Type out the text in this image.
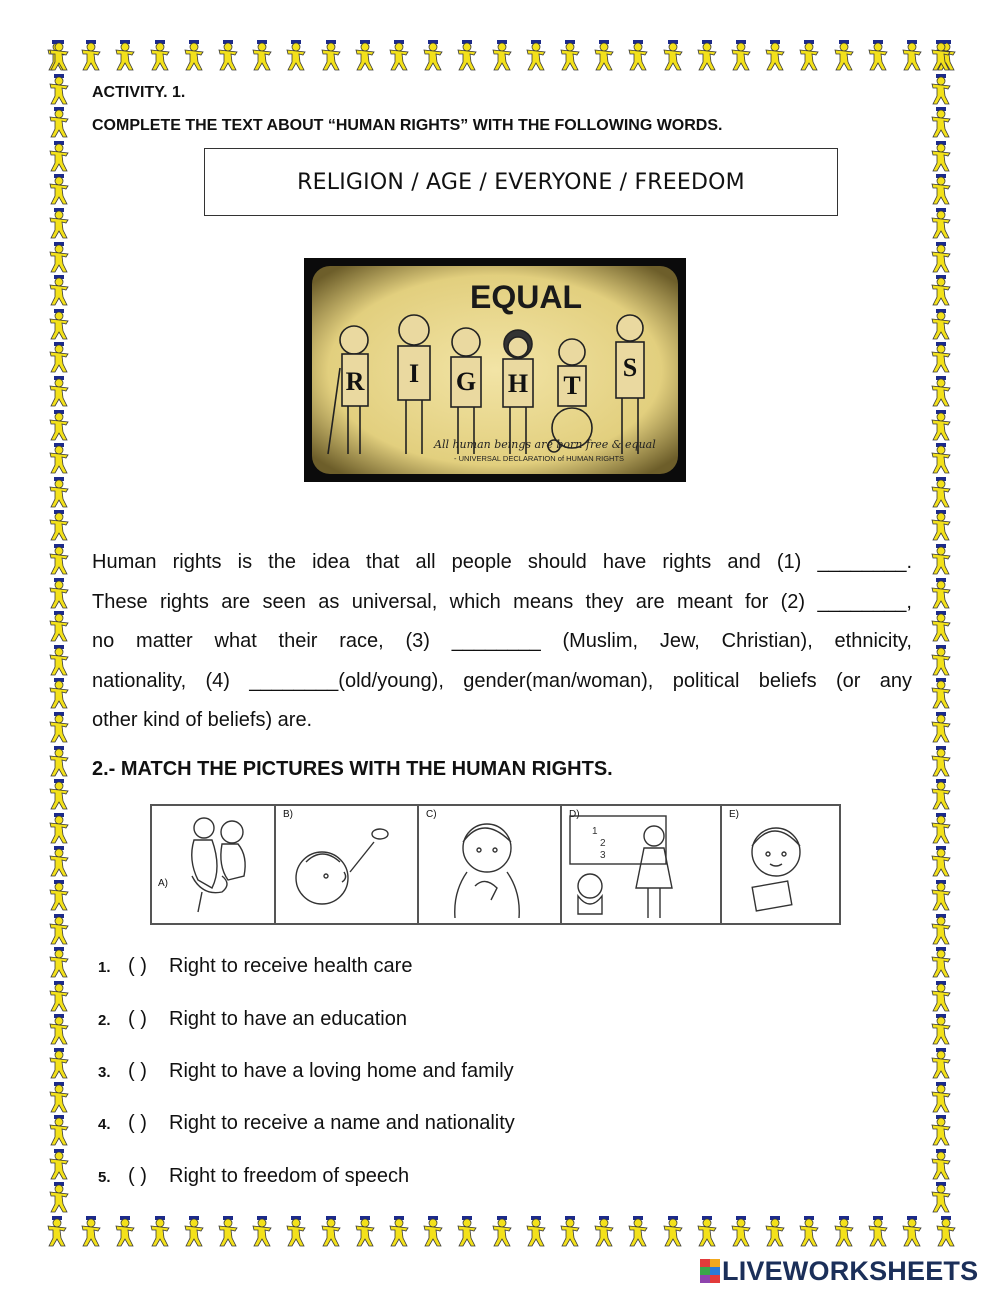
ACTIVITY. 1.
COMPLETE THE TEXT ABOUT “HUMAN RIGHTS” WITH THE FOLLOWING WORDS.
RELIGION / AGE / EVERYONE / FREEDOM
EQUAL
R I G H T
S
All human beings are born free & equal
- UNIVERSAL DECLARATION of HUMAN RIGHTS
Human rights is the idea that all people should have rights and (1) ________.
These rights are seen as universal, which means they are meant for (2) ________,
no matter what their race, (3) ________ (Muslim, Jew, Christian), ethnicity,
nationality, (4) ________(old/young), gender(man/woman), political beliefs (or any
other kind of beliefs) are.
2.- MATCH THE PICTURES WITH THE HUMAN RIGHTS.
A)
B)	C)	D)
1
2
3
E)
1. ( )	Right to receive health care
2. ( )	Right to have an education
3. ( )	Right to have a loving home and family
4. ( )	Right to receive a name and nationality
5. ( )	Right to freedom of speech
LIVEWORKSHEETS
